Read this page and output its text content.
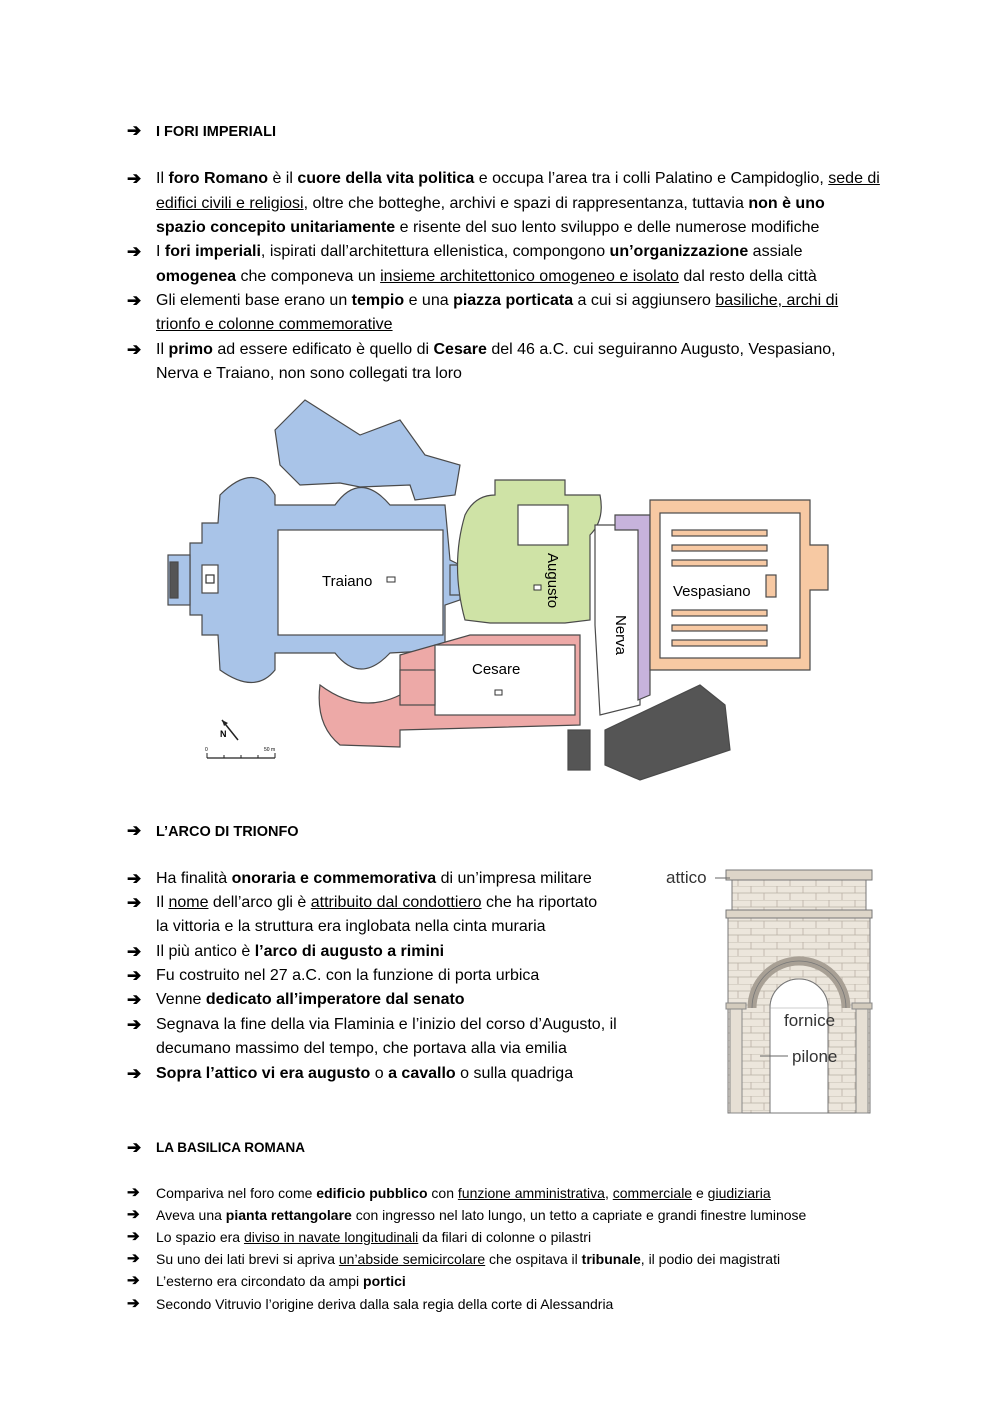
➔ I FORI IMPERIALI
➔ Il foro Romano è il cuore della vita politica e occupa l’area tra i colli Palatino e Campidoglio, sede di
edifici civili e religiosi, oltre che botteghe, archivi e spazi di rappresentanza, tuttavia non è uno
spazio concepito unitariamente e risente del suo lento sviluppo e delle numerose modifiche
➔ I fori imperiali, ispirati dall’architettura ellenistica, compongono un’organizzazione assiale
omogenea che componeva un insieme architettonico omogeneo e isolato dal resto della città
➔ Gli elementi base erano un tempio e una piazza porticata a cui si aggiunsero basiliche, archi di
trionfo e colonne commemorative
➔ Il primo ad essere edificato è quello di Cesare del 46 a.C. cui seguiranno Augusto, Vespasiano,
Nerva e Traiano, non sono collegati tra loro
Traiano	Augusto	Vespasiano
Nerva
Cesare
N
0	50 m
➔ L’ARCO DI TRIONFO
➔ Ha finalità onoraria e commemorativa di un’impresa militare
➔ Il nome dell’arco gli è attribuito dal condottiero che ha riportato
la vittoria e la struttura era inglobata nella cinta muraria
➔ Il più antico è l’arco di augusto a rimini
➔ Fu costruito nel 27 a.C. con la funzione di porta urbica
➔ Venne dedicato all’imperatore dal senato
➔ Segnava la fine della via Flaminia e l’inizio del corso d’Augusto, il
decumano massimo del tempo, che portava alla via emilia
➔ Sopra l’attico vi era augusto o a cavallo o sulla quadriga
attico
fornice
pilone
➔ LA BASILICA ROMANA
➔ Compariva nel foro come edificio pubblico con funzione amministrativa, commerciale e giudiziaria
➔ Aveva una pianta rettangolare con ingresso nel lato lungo, un tetto a capriate e grandi finestre luminose
➔ Lo spazio era diviso in navate longitudinali da filari di colonne o pilastri
➔ Su uno dei lati brevi si apriva un’abside semicircolare che ospitava il tribunale, il podio dei magistrati
➔ L’esterno era circondato da ampi portici
➔ Secondo Vitruvio l’origine deriva dalla sala regia della corte di Alessandria
